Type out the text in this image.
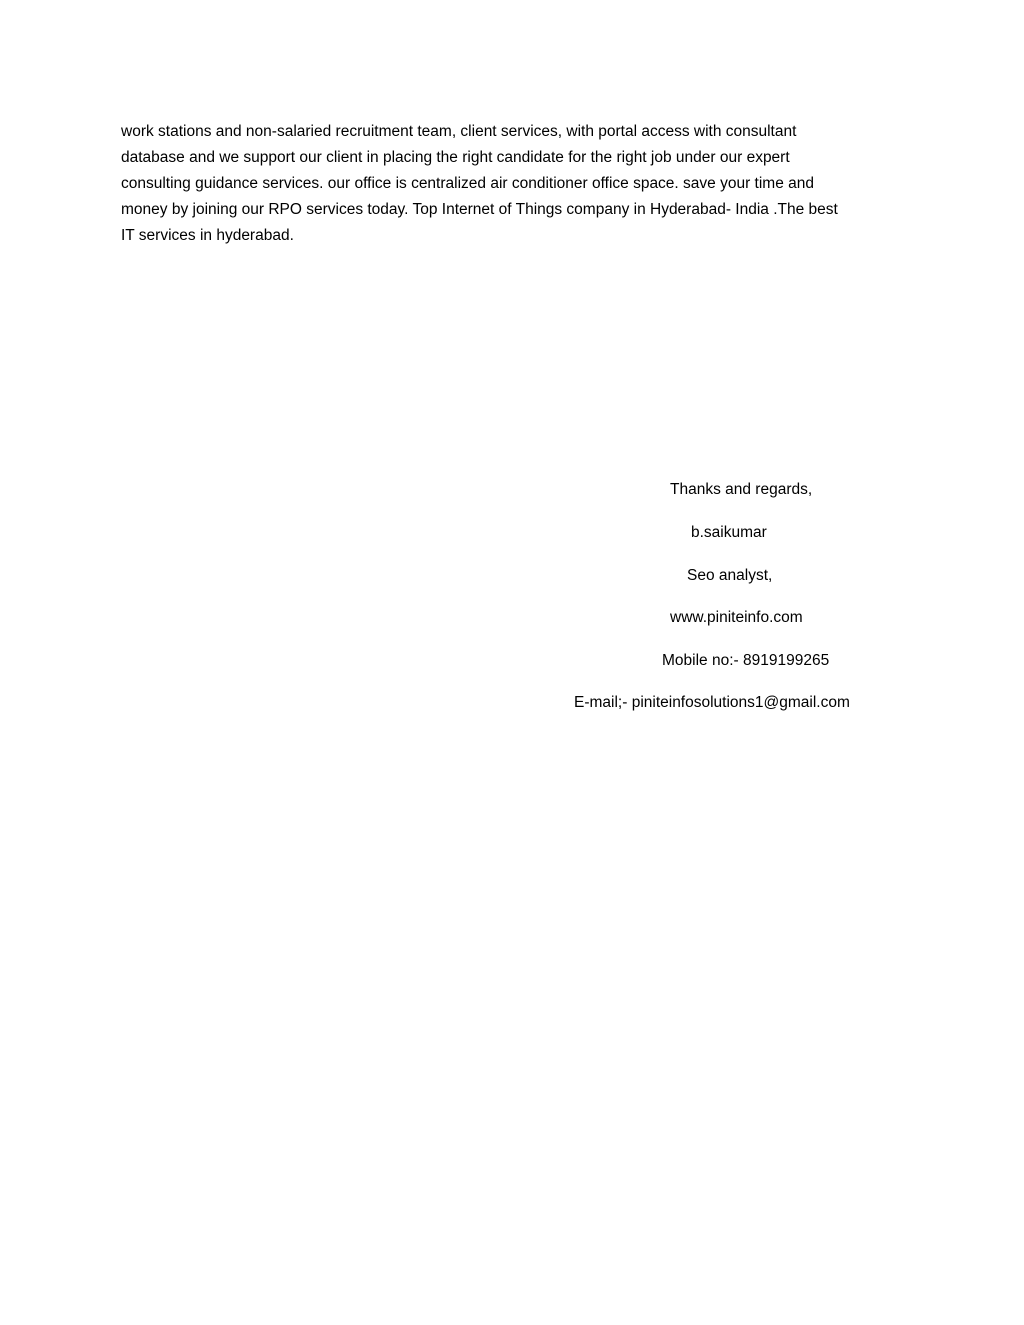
work stations and non-salaried recruitment team, client services, with portal access with consultant
database and we support our client in placing the right candidate for the right job under our expert
consulting guidance services. our office is centralized air conditioner office space. save your time and
money by joining our RPO services today. Top Internet of Things company in Hyderabad- India .The best
IT services in hyderabad.

Thanks and regards,
b.saikumar
Seo analyst,
www.piniteinfo.com
Mobile no:- 8919199265
E-mail;- piniteinfosolutions1@gmail.com
